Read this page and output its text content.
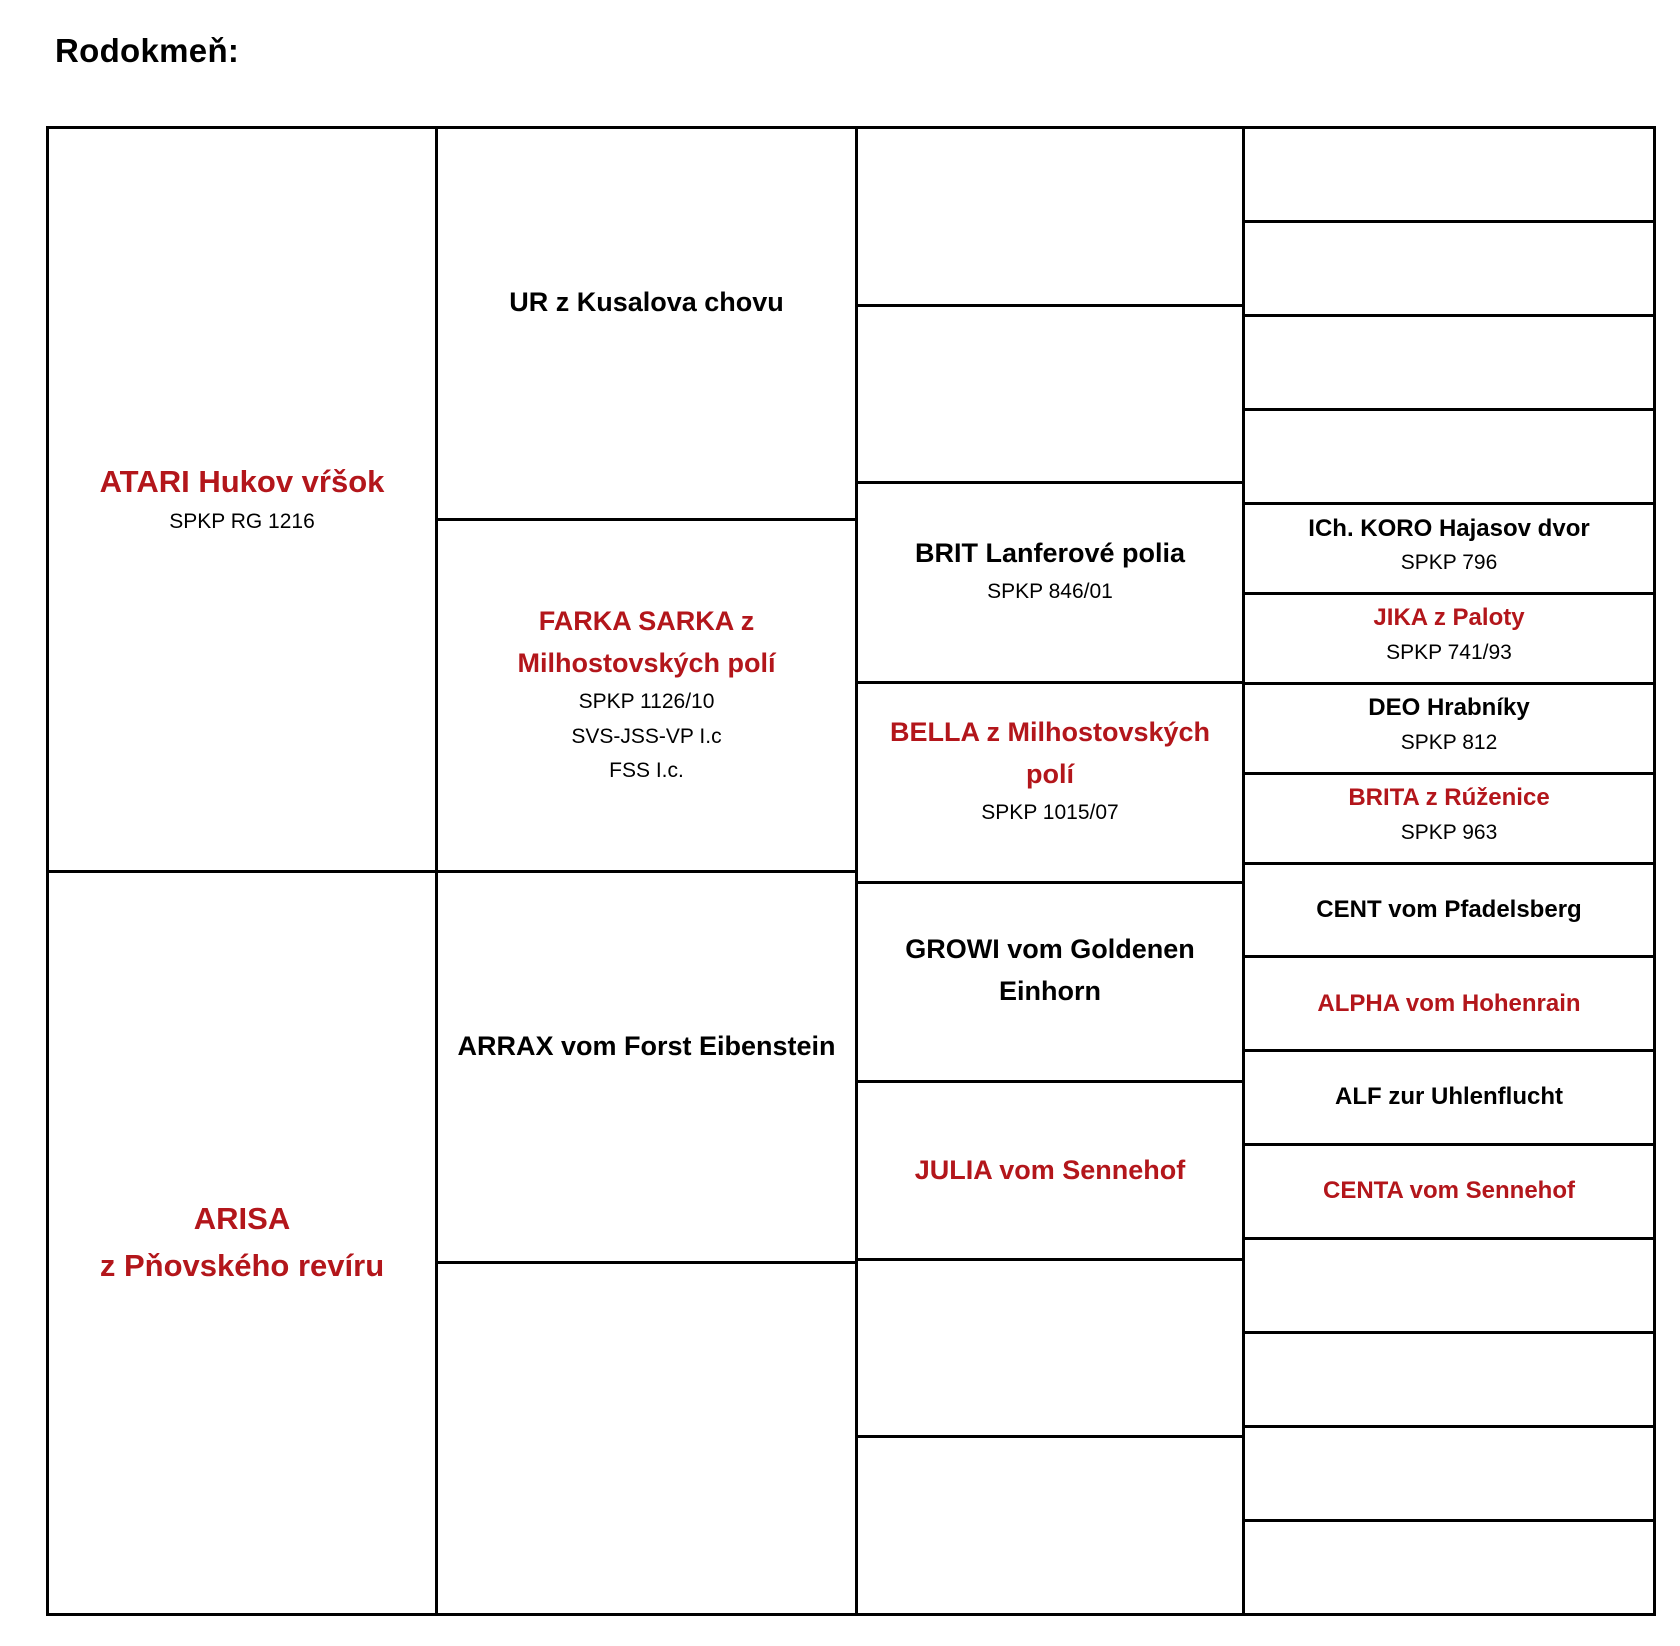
Rodokmeň:
ATARI Hukov vŕšok
SPKP RG 1216
ARISA
z Pňovského revíru
UR z Kusalova chovu
FARKA SARKA z
Milhostovských polí
SPKP 1126/10
SVS-JSS-VP I.c
FSS I.c.
ARRAX vom Forst Eibenstein
BRIT Lanferové polia
SPKP 846/01
BELLA z Milhostovských polí
SPKP 1015/07
GROWI vom Goldenen
Einhorn
JULIA vom Sennehof
ICh. KORO Hajasov dvor
SPKP 796
JIKA z Paloty
SPKP 741/93
DEO Hrabníky
SPKP 812
BRITA z Rúženice
SPKP 963
CENT vom Pfadelsberg
ALPHA vom Hohenrain
ALF zur Uhlenflucht
CENTA vom Sennehof
